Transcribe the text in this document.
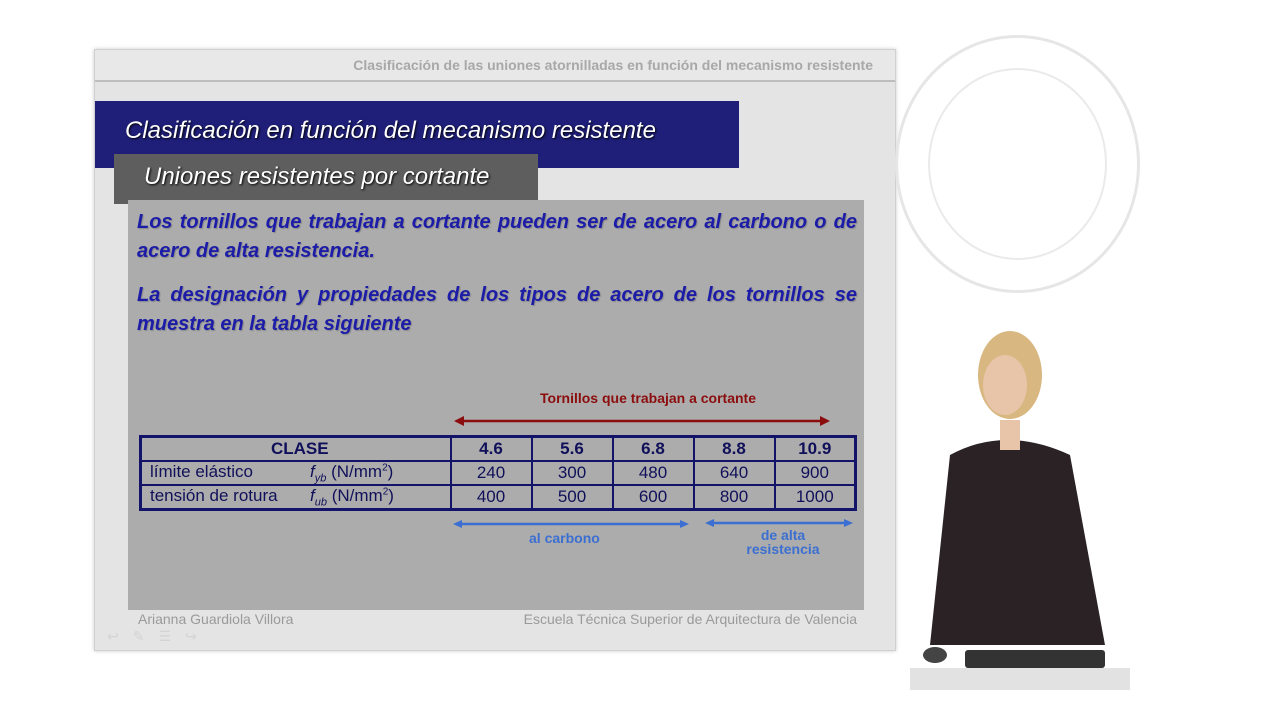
Clasificación de las uniones atornilladas en función del mecanismo resistente
Clasificación en función del mecanismo resistente
Uniones resistentes por cortante

Los tornillos que trabajan a cortante pueden ser de acero al carbono o de acero de alta resistencia.

La designación y propiedades de los tipos de acero de los tornillos se muestra en la tabla siguiente

Tornillos que trabajan a cortante
CLASE	4.6	5.6	6.8	8.8	10.9
límite elástico $f_{yb}$ $(N/mm^2)$	240	300	480	640	900
tensión de rotura $f_{ub}$ $(N/mm^2)$	400	500	600	800	1000
al carbono	de alta
resistencia
Arianna Guardiola Villora	Escuela Técnica Superior de Arquitectura de Valencia
↩✎☰↪
